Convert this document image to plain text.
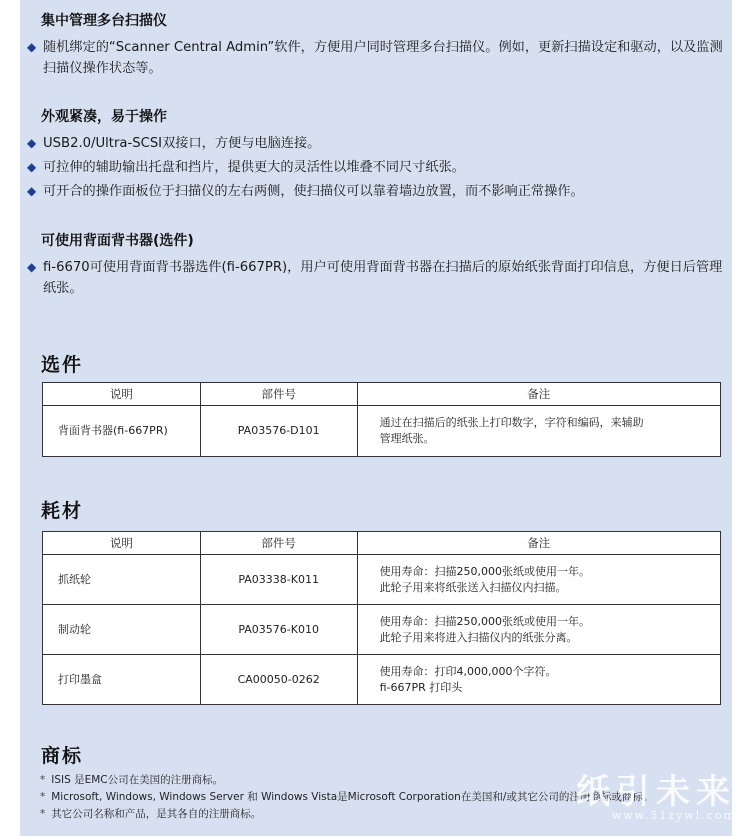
集中管理多台扫描仪
◆ 随机绑定的“Scanner Central Admin”软件，方便用户同时管理多台扫描仪。例如，更新扫描设定和驱动，以及监测扫描仪操作状态等。
外观紧凑，易于操作
◆ USB2.0/Ultra-SCSI双接口，方便与电脑连接。
◆ 可拉伸的辅助输出托盘和挡片，提供更大的灵活性以堆叠不同尺寸纸张。
◆ 可开合的操作面板位于扫描仪的左右两侧，使扫描仪可以靠着墙边放置，而不影响正常操作。
可使用背面背书器(选件)
◆ fi-6670可使用背面背书器选件(fi-667PR)，用户可使用背面背书器在扫描后的原始纸张背面打印信息，方便日后管理纸张。
选件
说明	部件号	备注
背面背书器(fi-667PR)	PA03576-D101	通过在扫描后的纸张上打印数字，字符和编码，来辅助
管理纸张。
耗材
说明	部件号	备注
抓纸轮	PA03338-K011	使用寿命：扫描250,000张纸或使用一年。
此轮子用来将纸张送入扫描仪内扫描。

制动轮	PA03576-K010	使用寿命：扫描250,000张纸或使用一年。
此轮子用来将进入扫描仪内的纸张分离。

打印墨盒	CA00050-0262	使用寿命：打印4,000,000个字符。
fi-667PR 打印头
商标
* ISIS 是EMC公司在美国的注册商标。
* Microsoft, Windows, Windows Server 和 Windows Vista是Microsoft Corporation在美国和/或其它公司的注册商标或商标。
* 其它公司名称和产品，是其各自的注册商标。
纸引未来
www.51zywl.com
